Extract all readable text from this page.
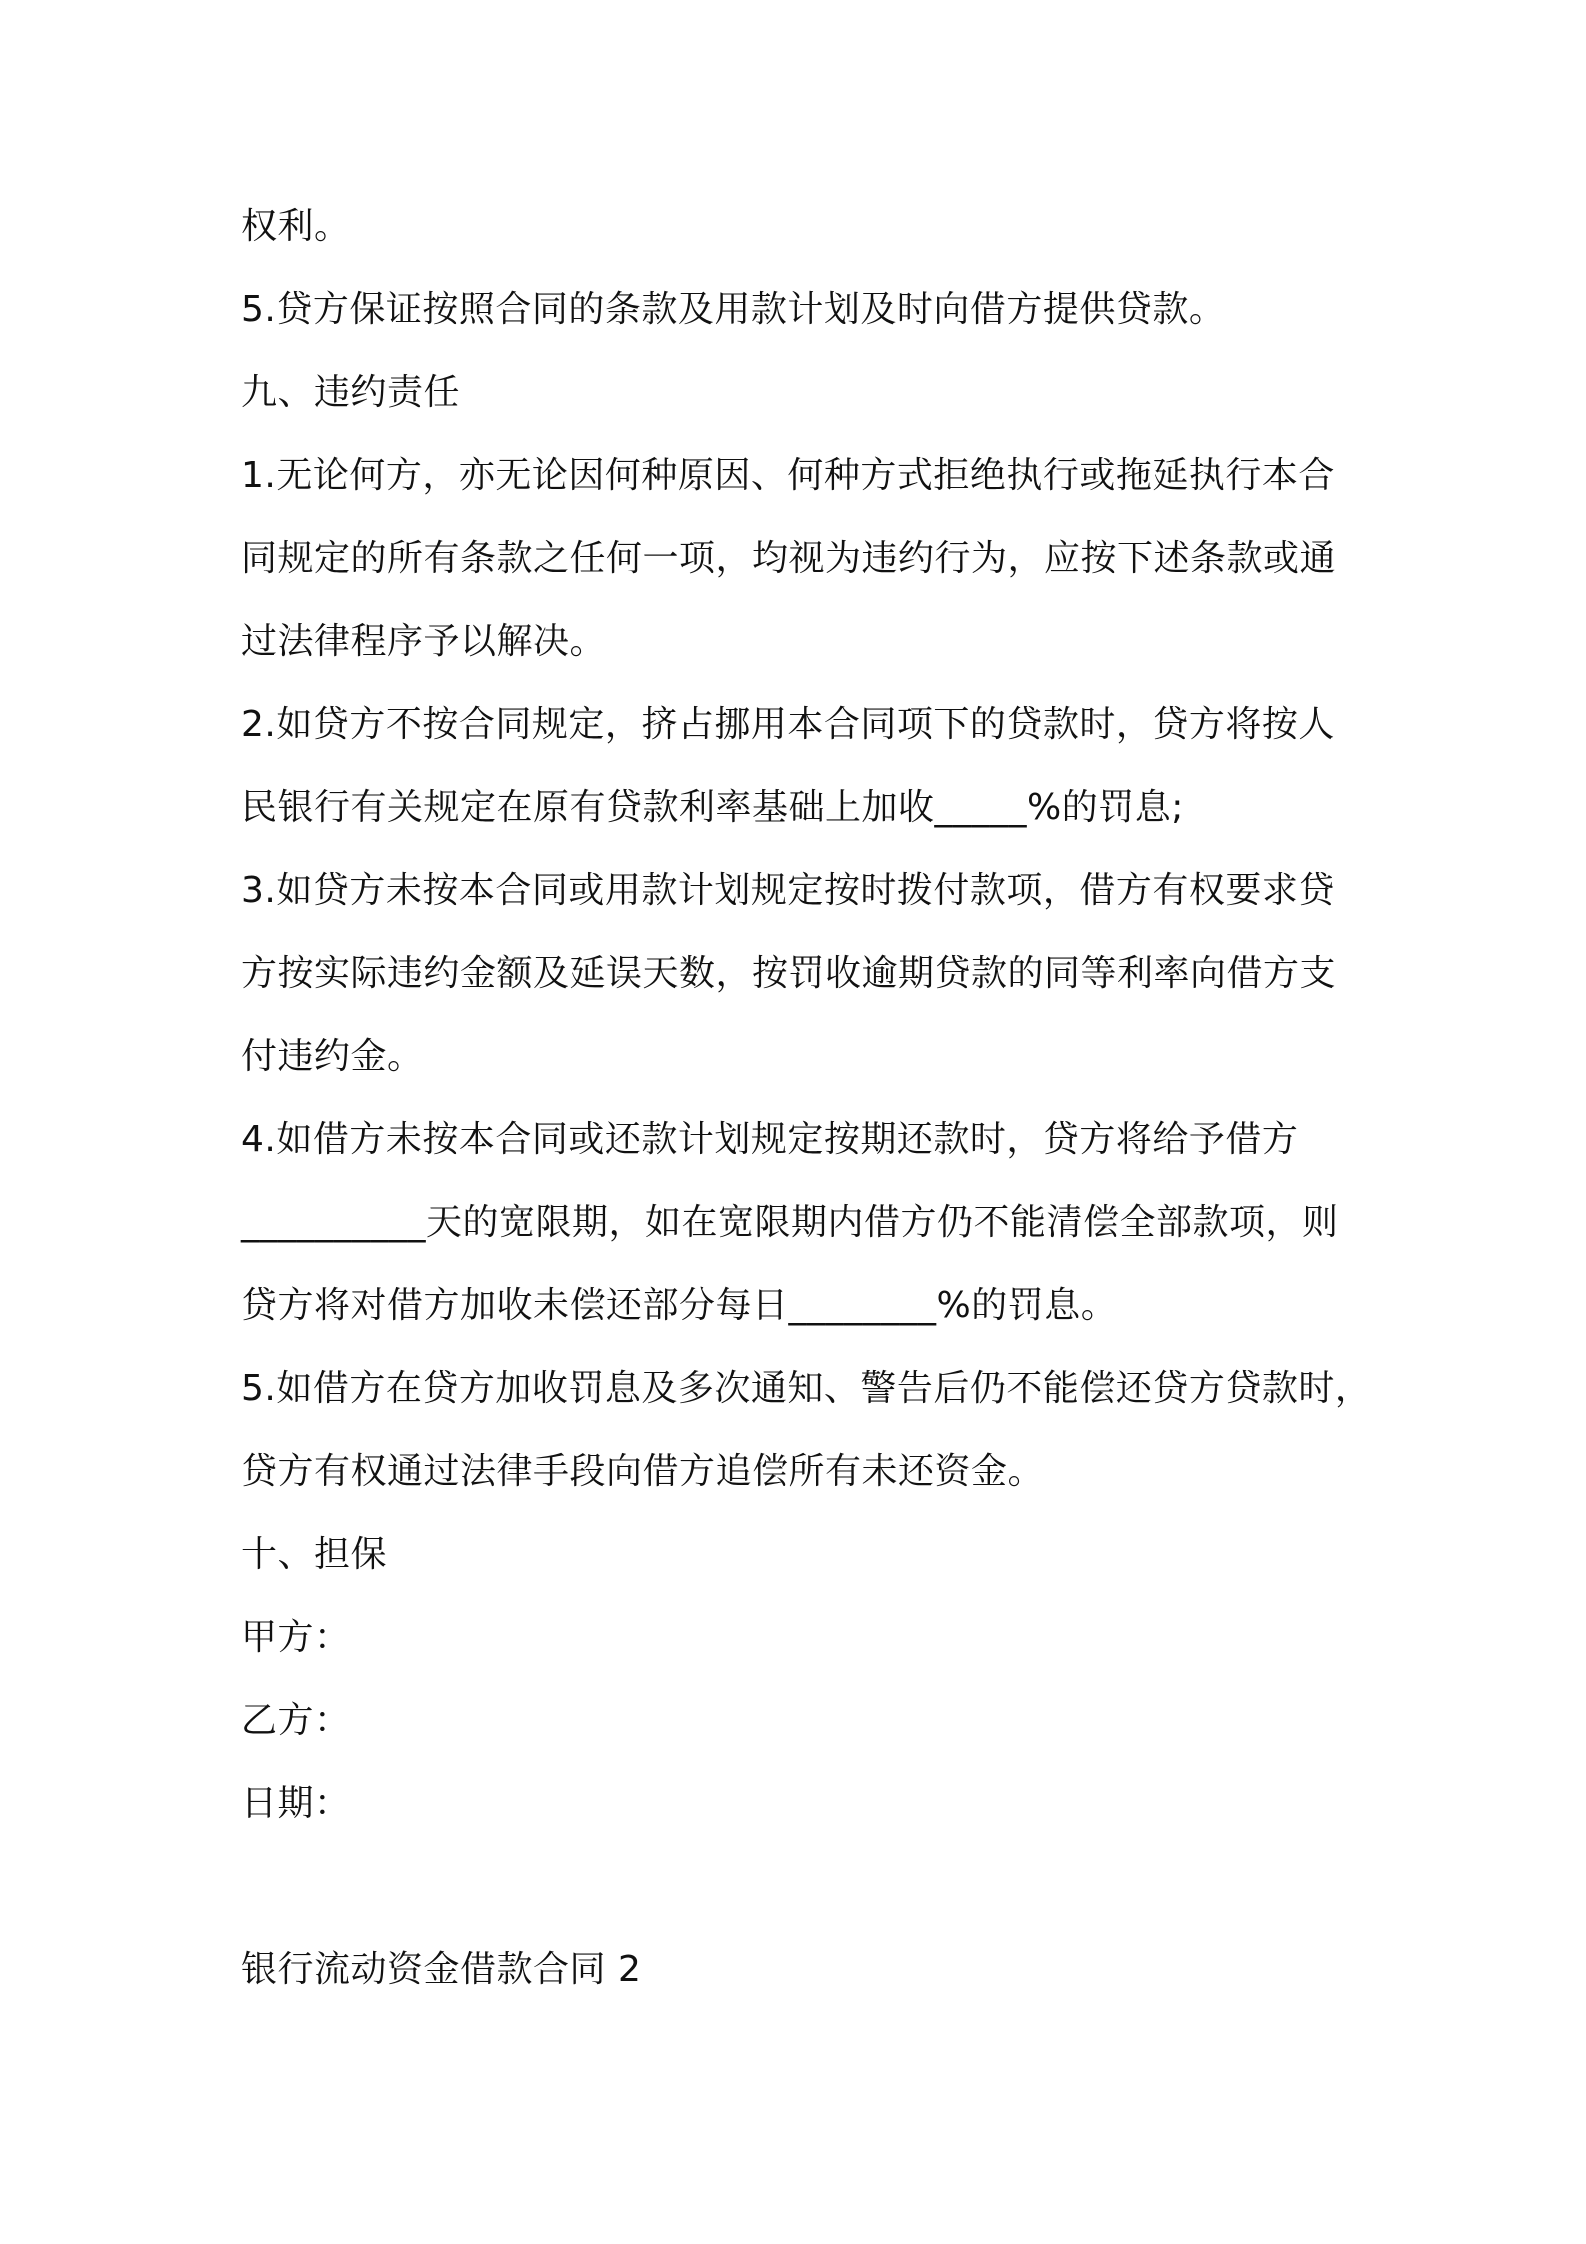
权利。

5.贷方保证按照合同的条款及用款计划及时向借方提供贷款。

九、违约责任

1.无论何方，亦无论因何种原因、何种方式拒绝执行或拖延执行本合

同规定的所有条款之任何一项，均视为违约行为，应按下述条款或通

过法律程序予以解决。

2.如贷方不按合同规定，挤占挪用本合同项下的贷款时，贷方将按人

民银行有关规定在原有贷款利率基础上加收_____%的罚息;

3.如贷方未按本合同或用款计划规定按时拨付款项，借方有权要求贷

方按实际违约金额及延误天数，按罚收逾期贷款的同等利率向借方支

付违约金。

4.如借方未按本合同或还款计划规定按期还款时，贷方将给予借方

__________天的宽限期，如在宽限期内借方仍不能清偿全部款项，则

贷方将对借方加收未偿还部分每日________%的罚息。

5.如借方在贷方加收罚息及多次通知、警告后仍不能偿还贷方贷款时，

贷方有权通过法律手段向借方追偿所有未还资金。

十、担保

甲方：

乙方：

日期：

银行流动资金借款合同 2
